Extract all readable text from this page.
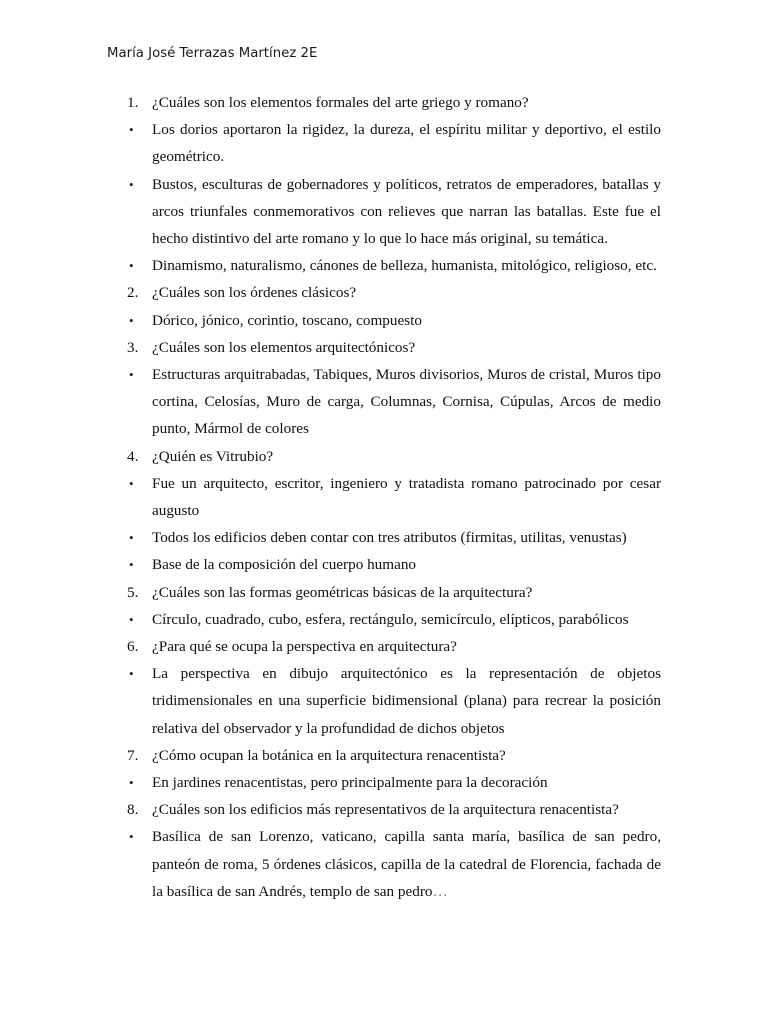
María José Terrazas Martínez 2E
1. ¿Cuáles son los elementos formales del arte griego y romano?
•	Los dorios aportaron la rigidez, la dureza, el espíritu militar y deportivo, el estilo geométrico.
•	Bustos, esculturas de gobernadores y políticos, retratos de emperadores, batallas y arcos triunfales conmemorativos con relieves que narran las batallas. Este fue el hecho distintivo del arte romano y lo que lo hace más original, su temática.
•	Dinamismo, naturalismo, cánones de belleza, humanista, mitológico, religioso, etc.
2. ¿Cuáles son los órdenes clásicos?
•	Dórico, jónico, corintio, toscano, compuesto
3. ¿Cuáles son los elementos arquitectónicos?
•	Estructuras arquitrabadas, Tabiques, Muros divisorios, Muros de cristal, Muros tipo cortina, Celosías, Muro de carga, Columnas, Cornisa, Cúpulas, Arcos de medio punto, Mármol de colores
4. ¿Quién es Vitrubio?
•	Fue un arquitecto, escritor, ingeniero y tratadista romano patrocinado por cesar augusto
•	Todos los edificios deben contar con tres atributos (firmitas, utilitas, venustas)
•	Base de la composición del cuerpo humano
5. ¿Cuáles son las formas geométricas básicas de la arquitectura?
•	Círculo, cuadrado, cubo, esfera, rectángulo, semicírculo, elípticos, parabólicos
6. ¿Para qué se ocupa la perspectiva en arquitectura?
•	La perspectiva en dibujo arquitectónico es la representación de objetos tridimensionales en una superficie bidimensional (plana) para recrear la posición relativa del observador y la profundidad de dichos objetos
7. ¿Cómo ocupan la botánica en la arquitectura renacentista?
•	En jardines renacentistas, pero principalmente para la decoración
8. ¿Cuáles son los edificios más representativos de la arquitectura renacentista?
•	Basílica de san Lorenzo, vaticano, capilla santa maría, basílica de san pedro, panteón de roma, 5 órdenes clásicos, capilla de la catedral de Florencia, fachada de la basílica de san Andrés, templo de san pedro…
